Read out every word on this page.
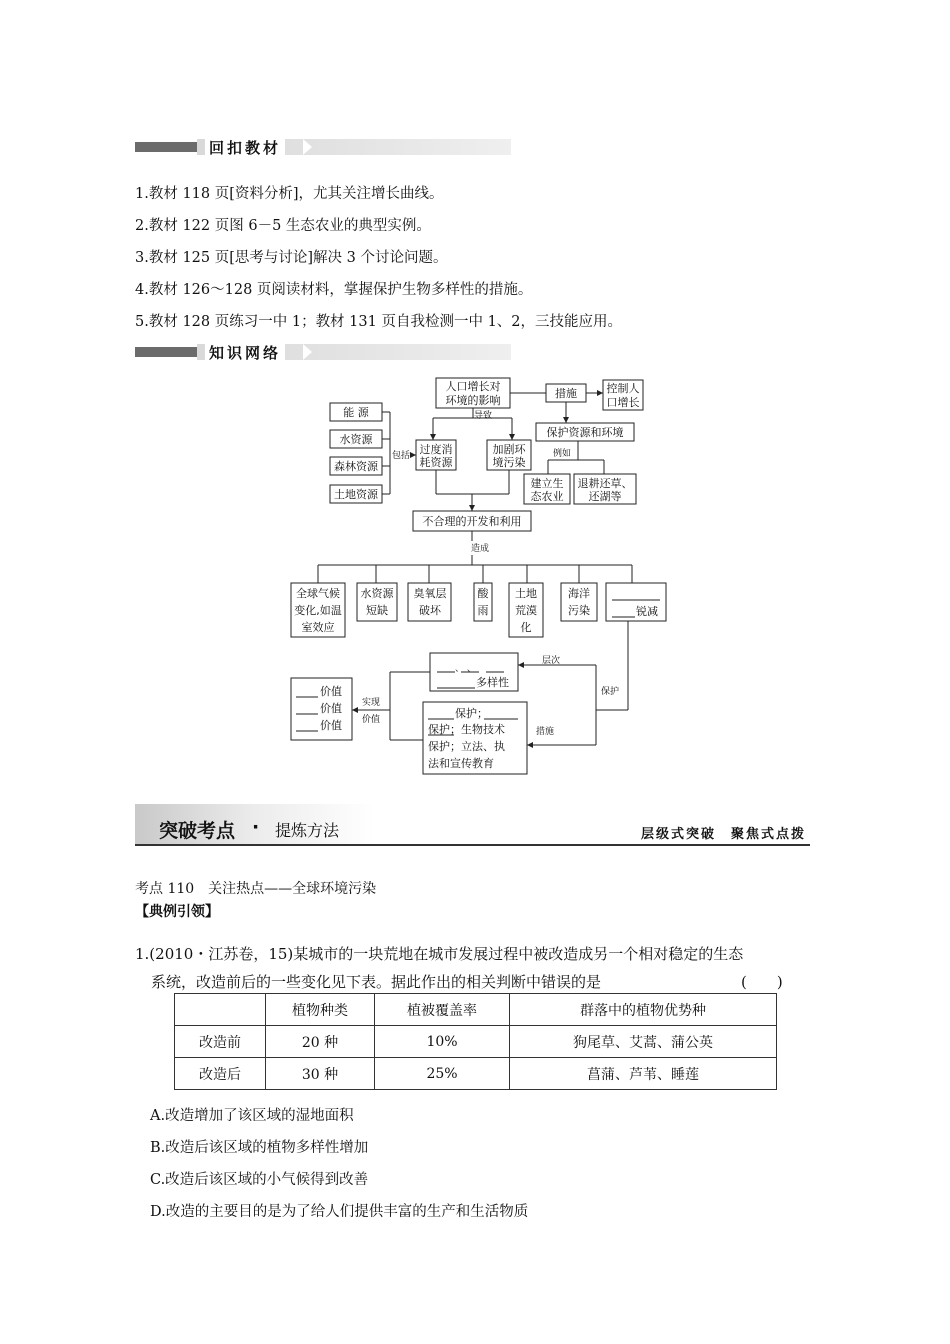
回扣教材
1.教材 118 页[资料分析]，尤其关注增长曲线。
2.教材 122 页图 6－5 生态农业的典型实例。
3.教材 125 页[思考与讨论]解决 3 个讨论问题。
4.教材 126～128 页阅读材料，掌握保护生物多样性的措施。
5.教材 128 页练习一中 1；教材 131 页自我检测一中 1、2，三技能应用。
知识网络
人口增长对
环境的影响
措施	控制人
口增长
导致
能 源
水资源
森林资源
土地资源
包括 过度消
耗资源
加剧环
境污染
保护资源和环境
例如
建立生
态农业
退耕还草、
还湖等
不合理的开发和利用
造成
全球气候
变化,如温
室效应
水资源
短缺
臭氧层
破坏
酸
雨
土地
荒漠
化
海洋
污染	锐减
层次
、 、
多样性
保护
实现
价值
价值
价值
价值	措施
保护；
保护；生物技术
保护；立法、执
法和宣传教育
突破考点 · 提炼方法	层级式突破　聚焦式点拨
考点 110　关注热点——全球环境污染
【典例引领】
1.(2010・江苏卷，15)某城市的一块荒地在城市发展过程中被改造成另一个相对稳定的生态
系统，改造前后的一些变化见下表。据此作出的相关判断中错误的是	(　　)
	植物种类	植被覆盖率	群落中的植物优势种
改造前	20 种	10%	狗尾草、艾蒿、蒲公英
改造后	30 种	25%	菖蒲、芦苇、睡莲
A.改造增加了该区域的湿地面积
B.改造后该区域的植物多样性增加
C.改造后该区域的小气候得到改善
D.改造的主要目的是为了给人们提供丰富的生产和生活物质
